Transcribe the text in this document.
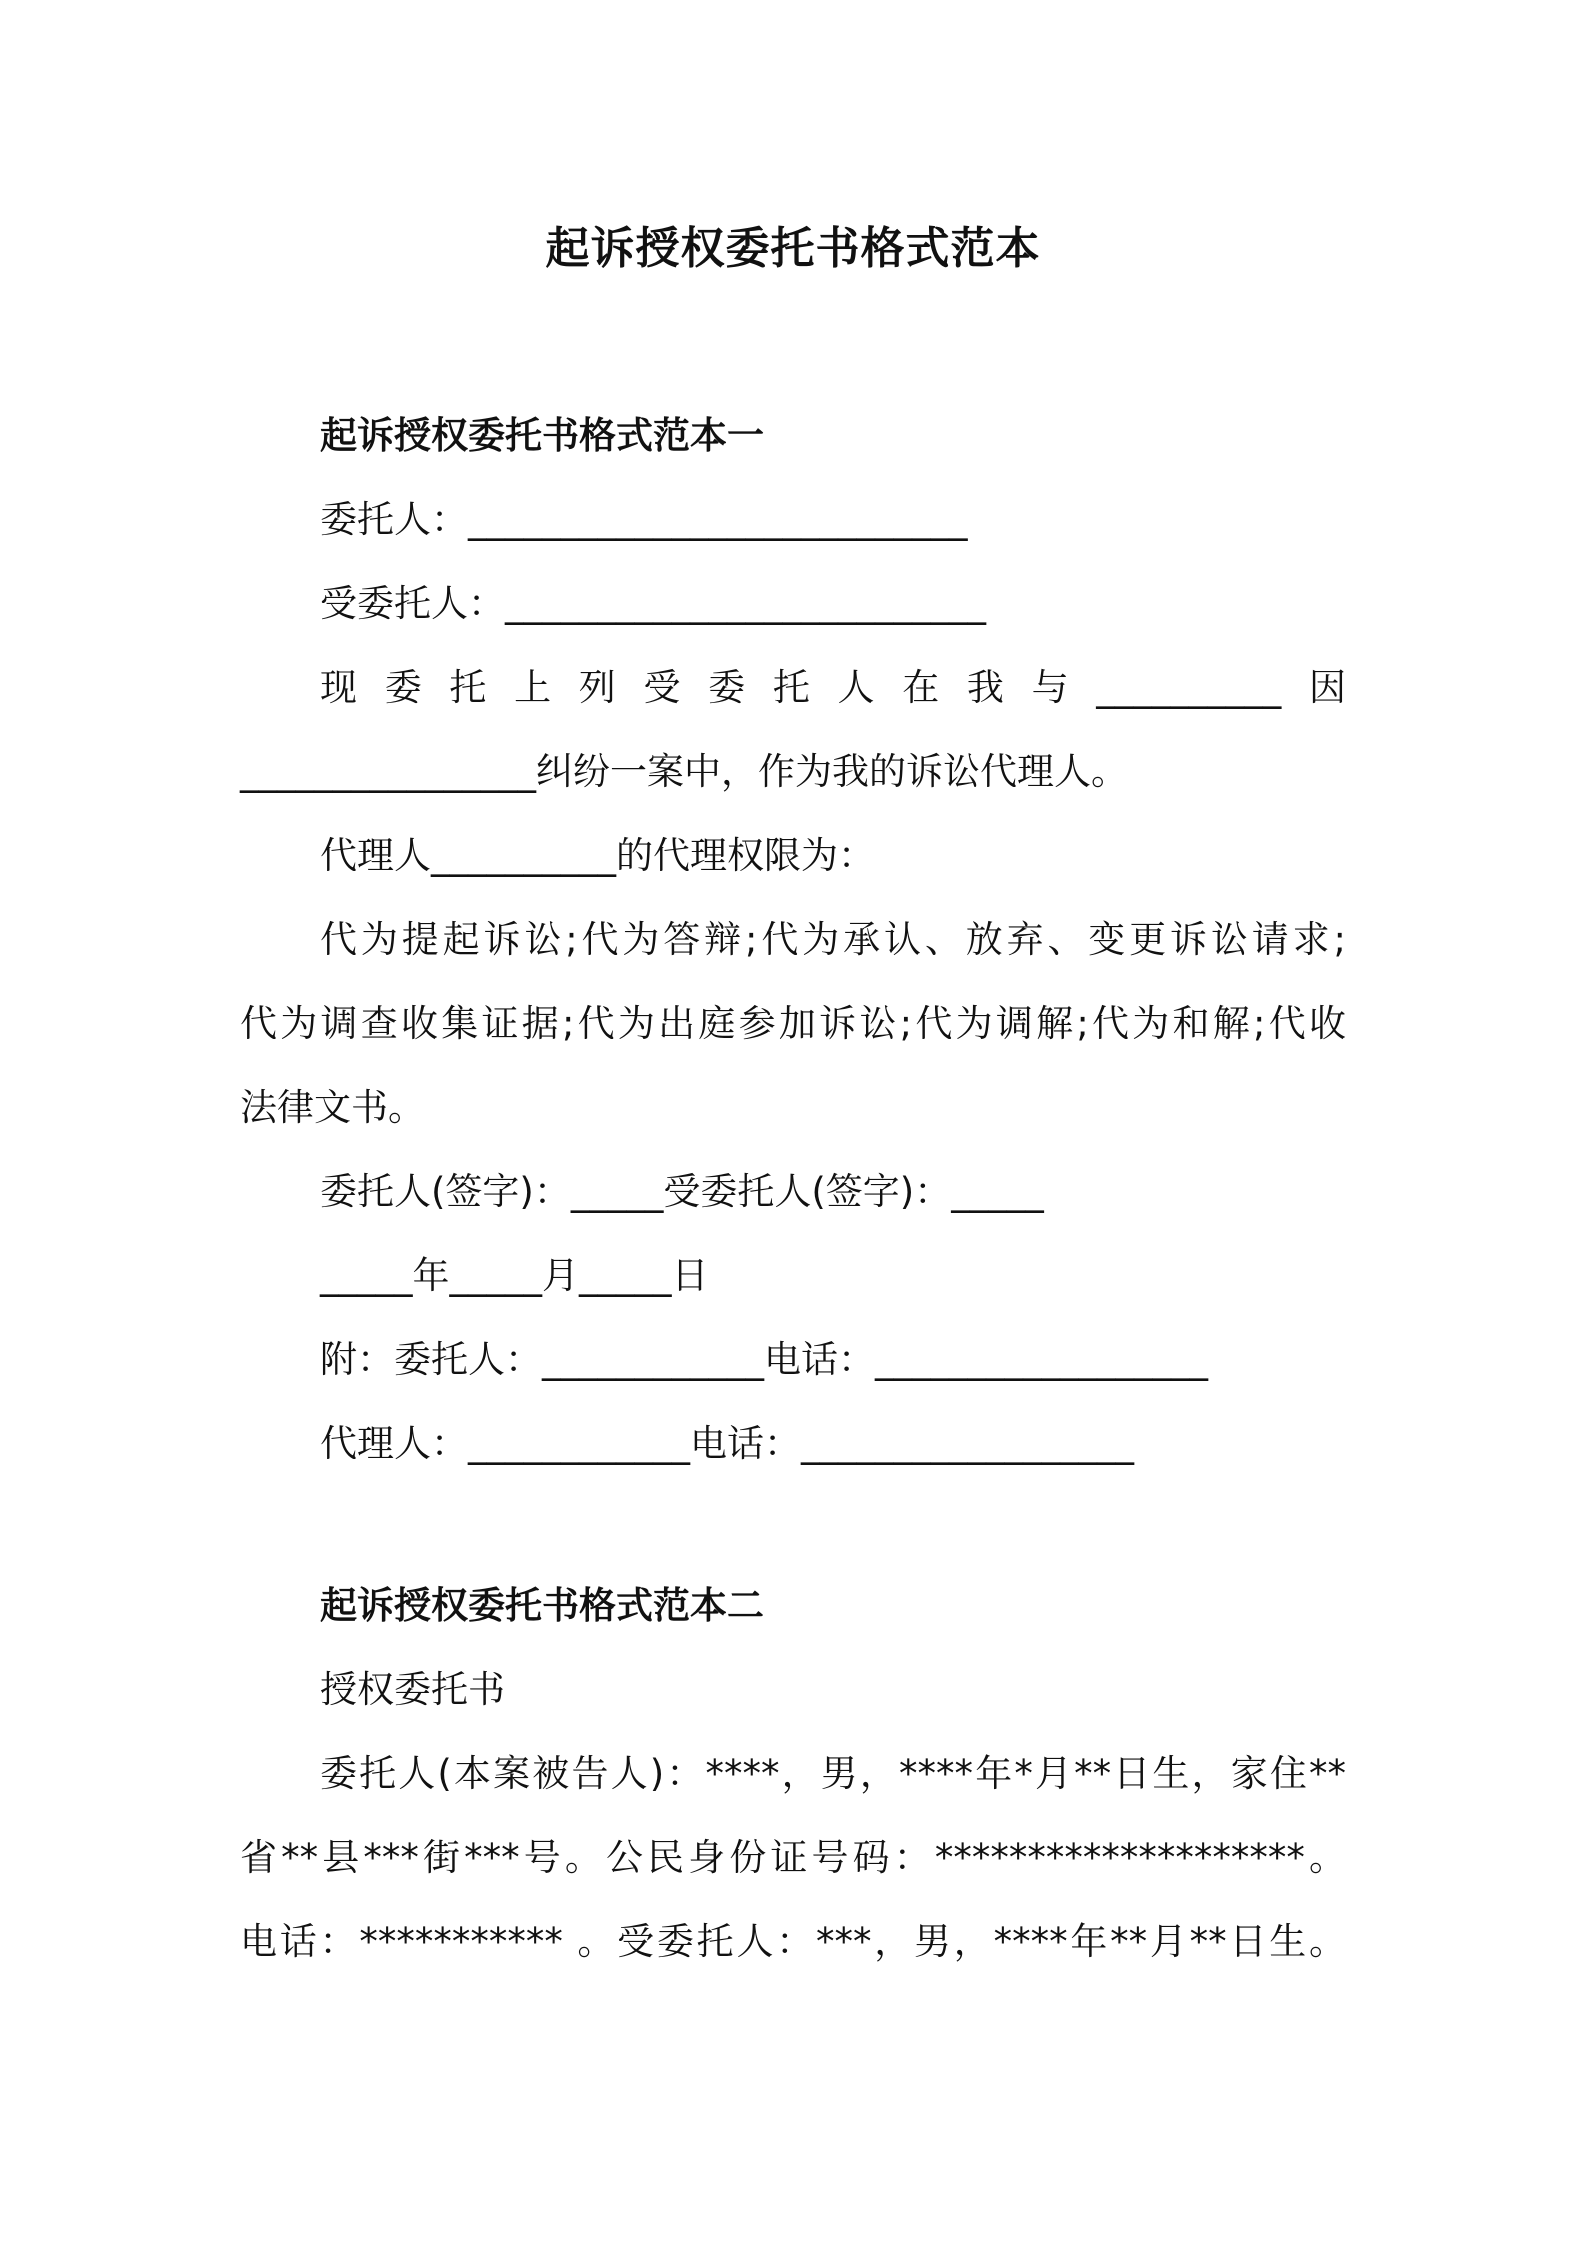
起诉授权委托书格式范本
起诉授权委托书格式范本一
委托人：___________________________
受委托人：__________________________
现委托上列受委托人在我与__________因
________________纠纷一案中，作为我的诉讼代理人。
代理人__________的代理权限为：
代为提起诉讼;代为答辩;代为承认、放弃、变更诉讼请求;
代为调查收集证据;代为出庭参加诉讼;代为调解;代为和解;代收
法律文书。
委托人(签字)：_____受委托人(签字)：_____
_____年_____月_____日
附：委托人：____________电话：__________________
代理人：____________电话：__________________
起诉授权委托书格式范本二
授权委托书
委托人(本案被告人)：****，男，****年*月**日生，家住**
省**县***街***号。公民身份证号码：********************。
电话：*********** 。受委托人：***，男，****年**月**日生。
